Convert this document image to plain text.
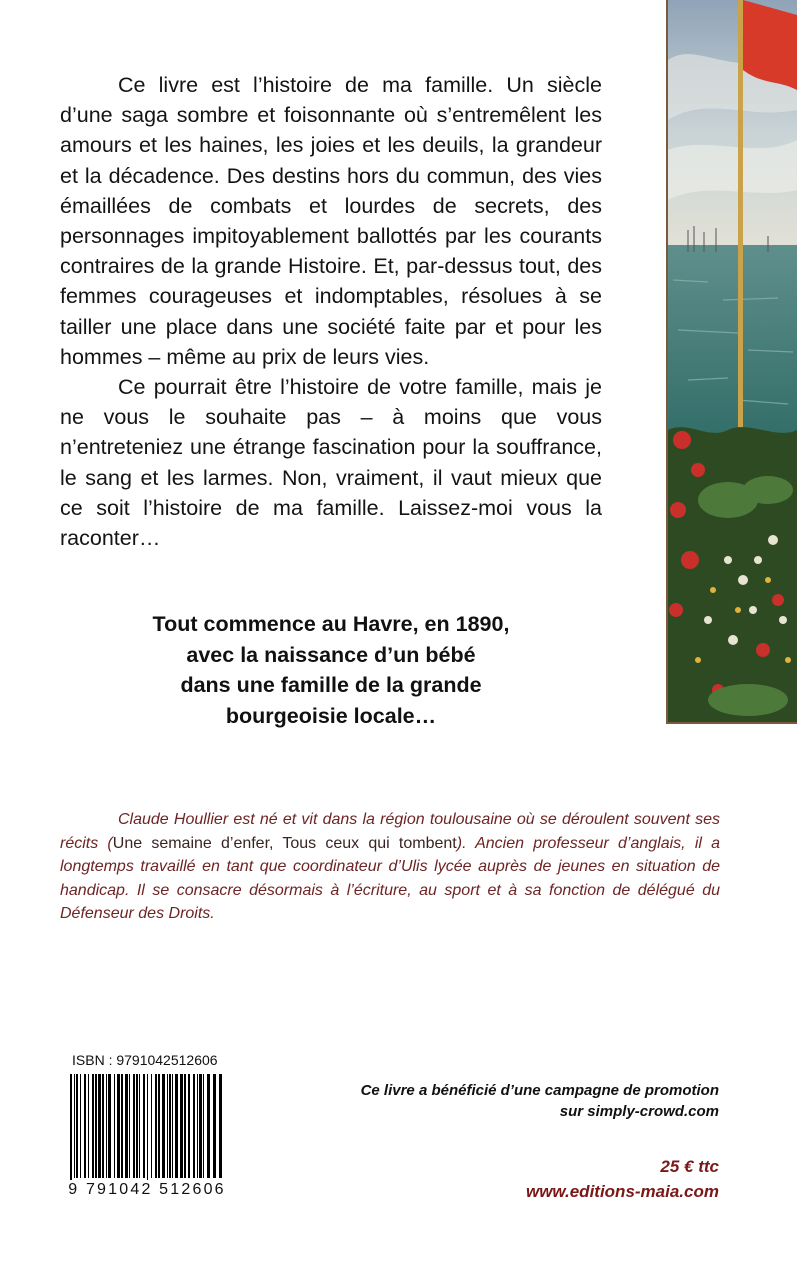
Ce livre est l’histoire de ma famille. Un siècle d’une saga sombre et foisonnante où s’entremêlent les amours et les haines, les joies et les deuils, la grandeur et la décadence. Des destins hors du commun, des vies émaillées de combats et lourdes de secrets, des personnages impitoyablement ballottés par les courants contraires de la grande Histoire. Et, par-dessus tout, des femmes courageuses et indomptables, résolues à se tailler une place dans une société faite par et pour les hommes – même au prix de leurs vies.

Ce pourrait être l’histoire de votre famille, mais je ne vous le souhaite pas – à moins que vous n’entreteniez une étrange fascination pour la souffrance, le sang et les larmes. Non, vraiment, il vaut mieux que ce soit l’histoire de ma famille. Laissez-moi vous la raconter…

Tout commence au Havre, en 1890,
avec la naissance d’un bébé
dans une famille de la grande
bourgeoisie locale…

Claude Houllier est né et vit dans la région toulousaine où se déroulent souvent ses récits (Une semaine d’enfer, Tous ceux qui tombent). Ancien professeur d’anglais, il a longtemps travaillé en tant que coordinateur d’Ulis lycée auprès de jeunes en situation de handicap. Il se consacre désormais à l’écriture, au sport et à sa fonction de délégué du Défenseur des Droits.

ISBN : 9791042512606
9 791042 512606
Ce livre a bénéficié d’une campagne de promotion
sur simply-crowd.com
25 € ttc
www.editions-maia.com
